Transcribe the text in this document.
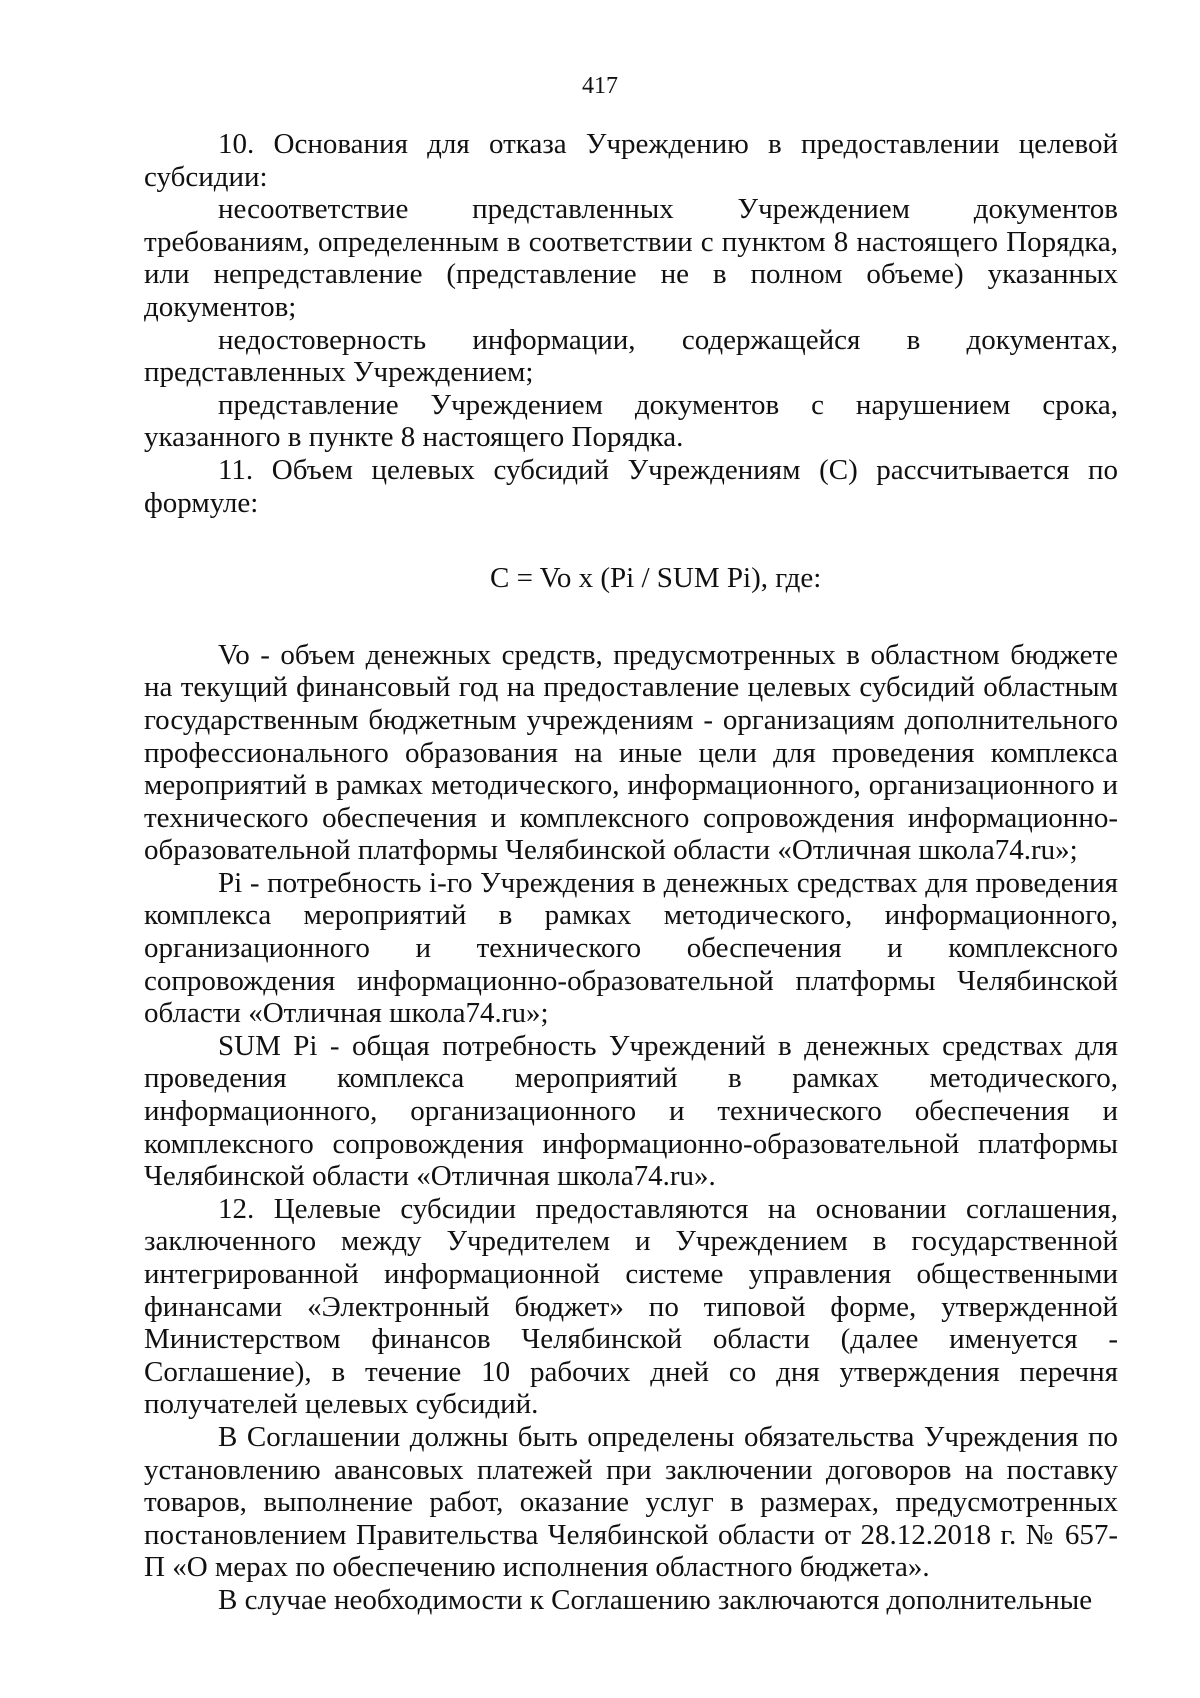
417

10. Основания для отказа Учреждению в предоставлении целевой субсидии:

несоответствие представленных Учреждением документов требованиям, определенным в соответствии с пунктом 8 настоящего Порядка, или непредставление (представление не в полном объеме) указанных документов;

недостоверность информации, содержащейся в документах, представленных Учреждением;

представление Учреждением документов с нарушением срока, указанного в пункте 8 настоящего Порядка.

11. Объем целевых субсидий Учреждениям (С) рассчитывается по формуле:

C = Vo x (Pi / SUM Pi), где:

Vo - объем денежных средств, предусмотренных в областном бюджете на текущий финансовый год на предоставление целевых субсидий областным государственным бюджетным учреждениям - организациям дополнительного профессионального образования на иные цели для проведения комплекса мероприятий в рамках методического, информационного, организационного и технического обеспечения и комплексного сопровождения информационно-образовательной платформы Челябинской области «Отличная школа74.ru»;

Pi - потребность i-го Учреждения в денежных средствах для проведения комплекса мероприятий в рамках методического, информационного, организационного и технического обеспечения и комплексного сопровождения информационно-образовательной платформы Челябинской области «Отличная школа74.ru»;

SUM Pi - общая потребность Учреждений в денежных средствах для проведения комплекса мероприятий в рамках методического, информационного, организационного и технического обеспечения и комплексного сопровождения информационно-образовательной платформы Челябинской области «Отличная школа74.ru».

12. Целевые субсидии предоставляются на основании соглашения, заключенного между Учредителем и Учреждением в государственной интегрированной информационной системе управления общественными финансами «Электронный бюджет» по типовой форме, утвержденной Министерством финансов Челябинской области (далее именуется - Соглашение), в течение 10 рабочих дней со дня утверждения перечня получателей целевых субсидий.

В Соглашении должны быть определены обязательства Учреждения по установлению авансовых платежей при заключении договоров на поставку товаров, выполнение работ, оказание услуг в размерах, предусмотренных постановлением Правительства Челябинской области от 28.12.2018 г. № 657-П «О мерах по обеспечению исполнения областного бюджета».

В случае необходимости к Соглашению заключаются дополнительные
